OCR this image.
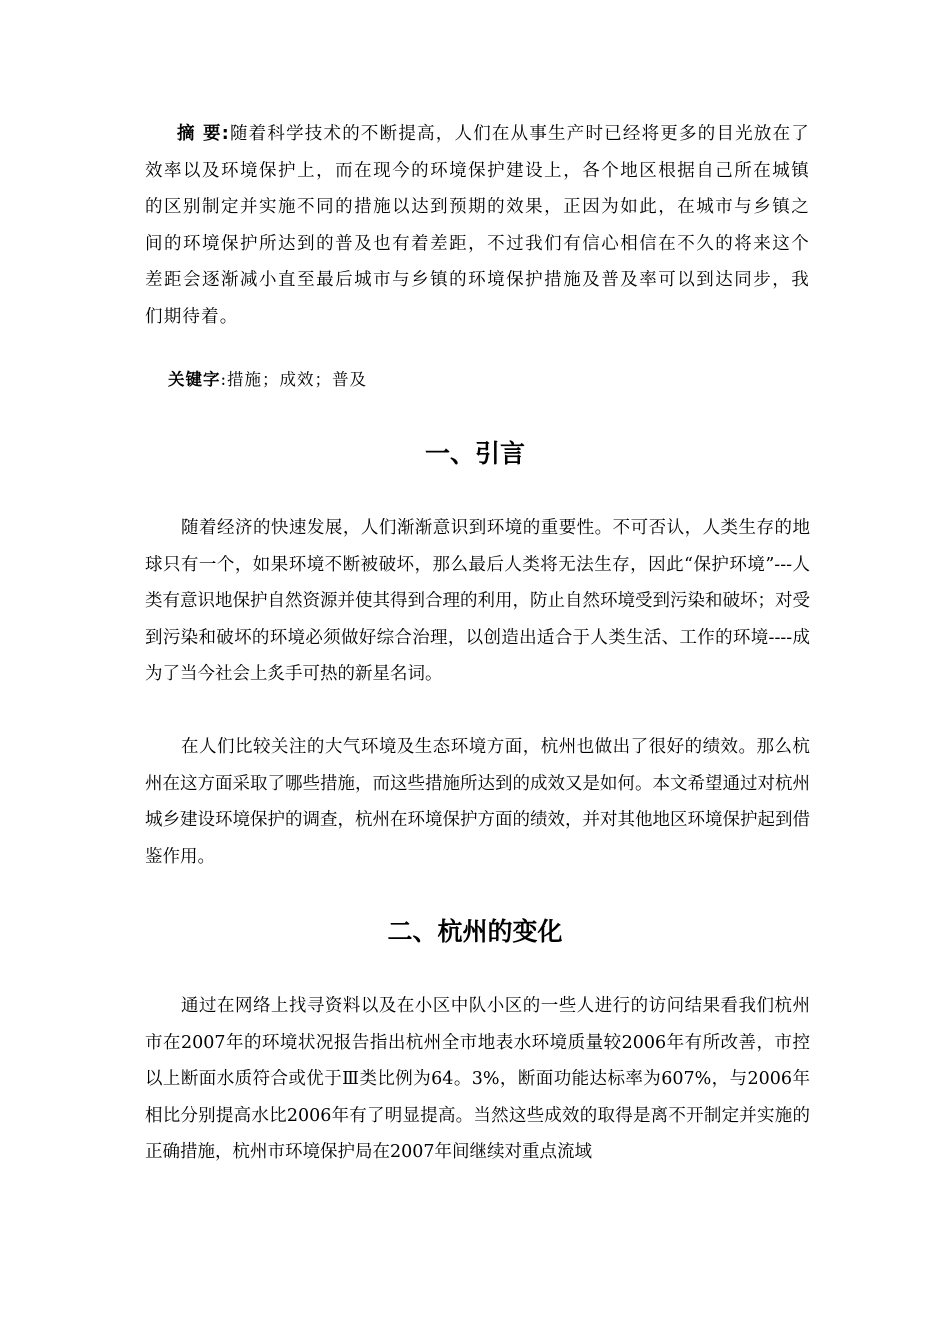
摘 要:随着科学技术的不断提高，人们在从事生产时已经将更多的目光放在了效率以及环境保护上，而在现今的环境保护建设上，各个地区根据自己所在城镇的区别制定并实施不同的措施以达到预期的效果，正因为如此，在城市与乡镇之间的环境保护所达到的普及也有着差距，不过我们有信心相信在不久的将来这个差距会逐渐减小直至最后城市与乡镇的环境保护措施及普及率可以到达同步，我们期待着。

关键字:措施；成效；普及

一、引言

随着经济的快速发展，人们渐渐意识到环境的重要性。不可否认，人类生存的地球只有一个，如果环境不断被破坏，那么最后人类将无法生存，因此“保护环境”---人类有意识地保护自然资源并使其得到合理的利用，防止自然环境受到污染和破坏；对受到污染和破坏的环境必须做好综合治理，以创造出适合于人类生活、工作的环境----成为了当今社会上炙手可热的新星名词。

在人们比较关注的大气环境及生态环境方面，杭州也做出了很好的绩效。那么杭州在这方面采取了哪些措施，而这些措施所达到的成效又是如何。本文希望通过对杭州城乡建设环境保护的调查，杭州在环境保护方面的绩效，并对其他地区环境保护起到借鉴作用。

二、杭州的变化

通过在网络上找寻资料以及在小区中队小区的一些人进行的访问结果看我们杭州市在2007年的环境状况报告指出杭州全市地表水环境质量较2006年有所改善，市控以上断面水质符合或优于Ⅲ类比例为64。3%，断面功能达标率为607%，与2006年相比分别提高水比2006年有了明显提高。当然这些成效的取得是离不开制定并实施的正确措施，杭州市环境保护局在2007年间继续对重点流域
